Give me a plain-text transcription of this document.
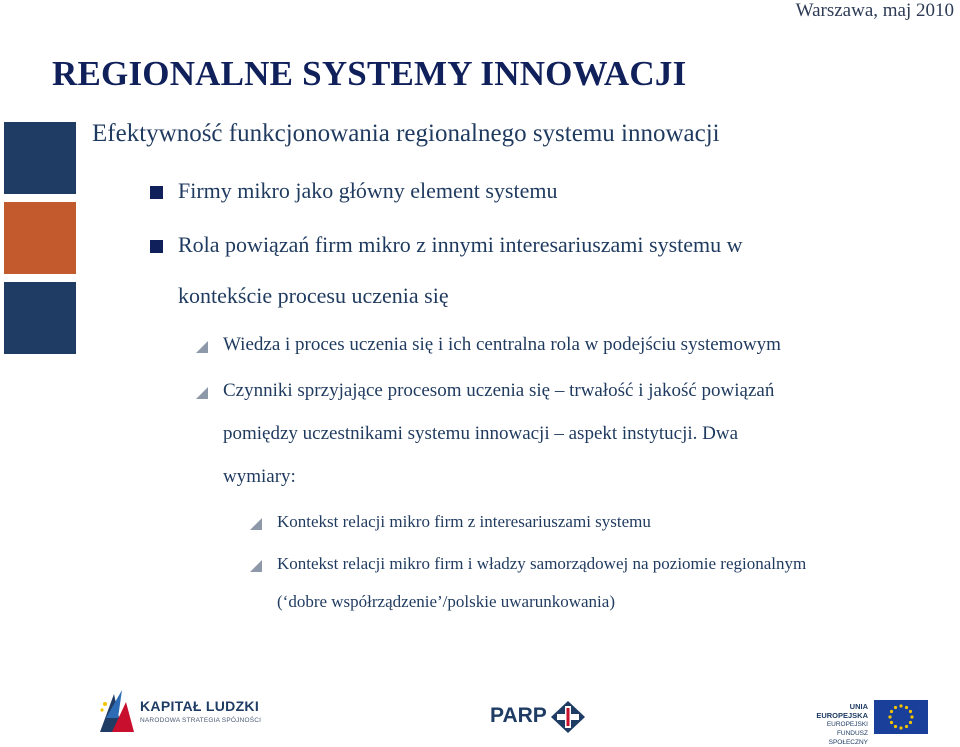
Warszawa, maj 2010
REGIONALNE SYSTEMY INNOWACJI
Efektywność funkcjonowania regionalnego systemu innowacji
Firmy mikro jako główny element systemu
Rola powiązań firm mikro z innymi interesariuszami systemu w
kontekście procesu uczenia się
Wiedza i proces uczenia się i ich centralna rola w podejściu systemowym
Czynniki sprzyjające procesom uczenia się – trwałość i jakość powiązań
pomiędzy uczestnikami systemu innowacji – aspekt instytucji. Dwa
wymiary:
Kontekst relacji mikro firm z interesariuszami systemu
Kontekst relacji mikro firm i władzy samorządowej na poziomie regionalnym
(‘dobre współrządzenie’/polskie uwarunkowania)
KAPITAŁ LUDZKI
NARODOWA STRATEGIA SPÓJNOŚCI	PARP	UNIA EUROPEJSKA
EUROPEJSKI
FUNDUSZ SPOŁECZNY
